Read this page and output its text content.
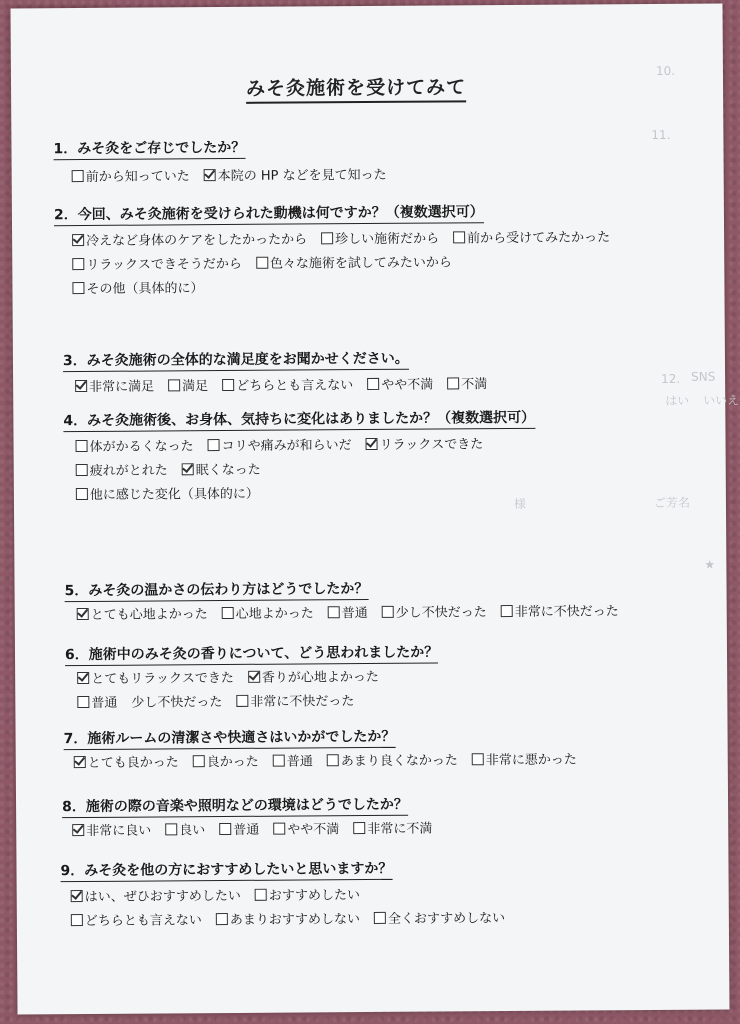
10．
11．
12． SNS
はい いいえ
ご芳名
様
★
みそ灸施術を受けてみて
1．みそ灸をご存じでしたか？
前から知っていた 本院の HP などを見て知った
2．今回、みそ灸施術を受けられた動機は何ですか？（複数選択可）
冷えなど身体のケアをしたかったから 珍しい施術だから 前から受けてみたかった
リラックスできそうだから 色々な施術を試してみたいから
その他（具体的に）
3．みそ灸施術の全体的な満足度をお聞かせください。
非常に満足 満足 どちらとも言えない やや不満 不満
4．みそ灸施術後、お身体、気持ちに変化はありましたか？（複数選択可）
体がかるくなった コリや痛みが和らいだ リラックスできた
疲れがとれた 眠くなった
他に感じた変化（具体的に）
5．みそ灸の温かさの伝わり方はどうでしたか？
とても心地よかった 心地よかった 普通 少し不快だった 非常に不快だった
6．施術中のみそ灸の香りについて、どう思われましたか？
とてもリラックスできた 香りが心地よかった
普通 少し不快だった 非常に不快だった
7．施術ルームの清潔さや快適さはいかがでしたか？
とても良かった 良かった 普通 あまり良くなかった 非常に悪かった
8．施術の際の音楽や照明などの環境はどうでしたか？
非常に良い 良い 普通 やや不満 非常に不満
9．みそ灸を他の方におすすめしたいと思いますか？
はい、ぜひおすすめしたい おすすめしたい
どちらとも言えない あまりおすすめしない 全くおすすめしない
